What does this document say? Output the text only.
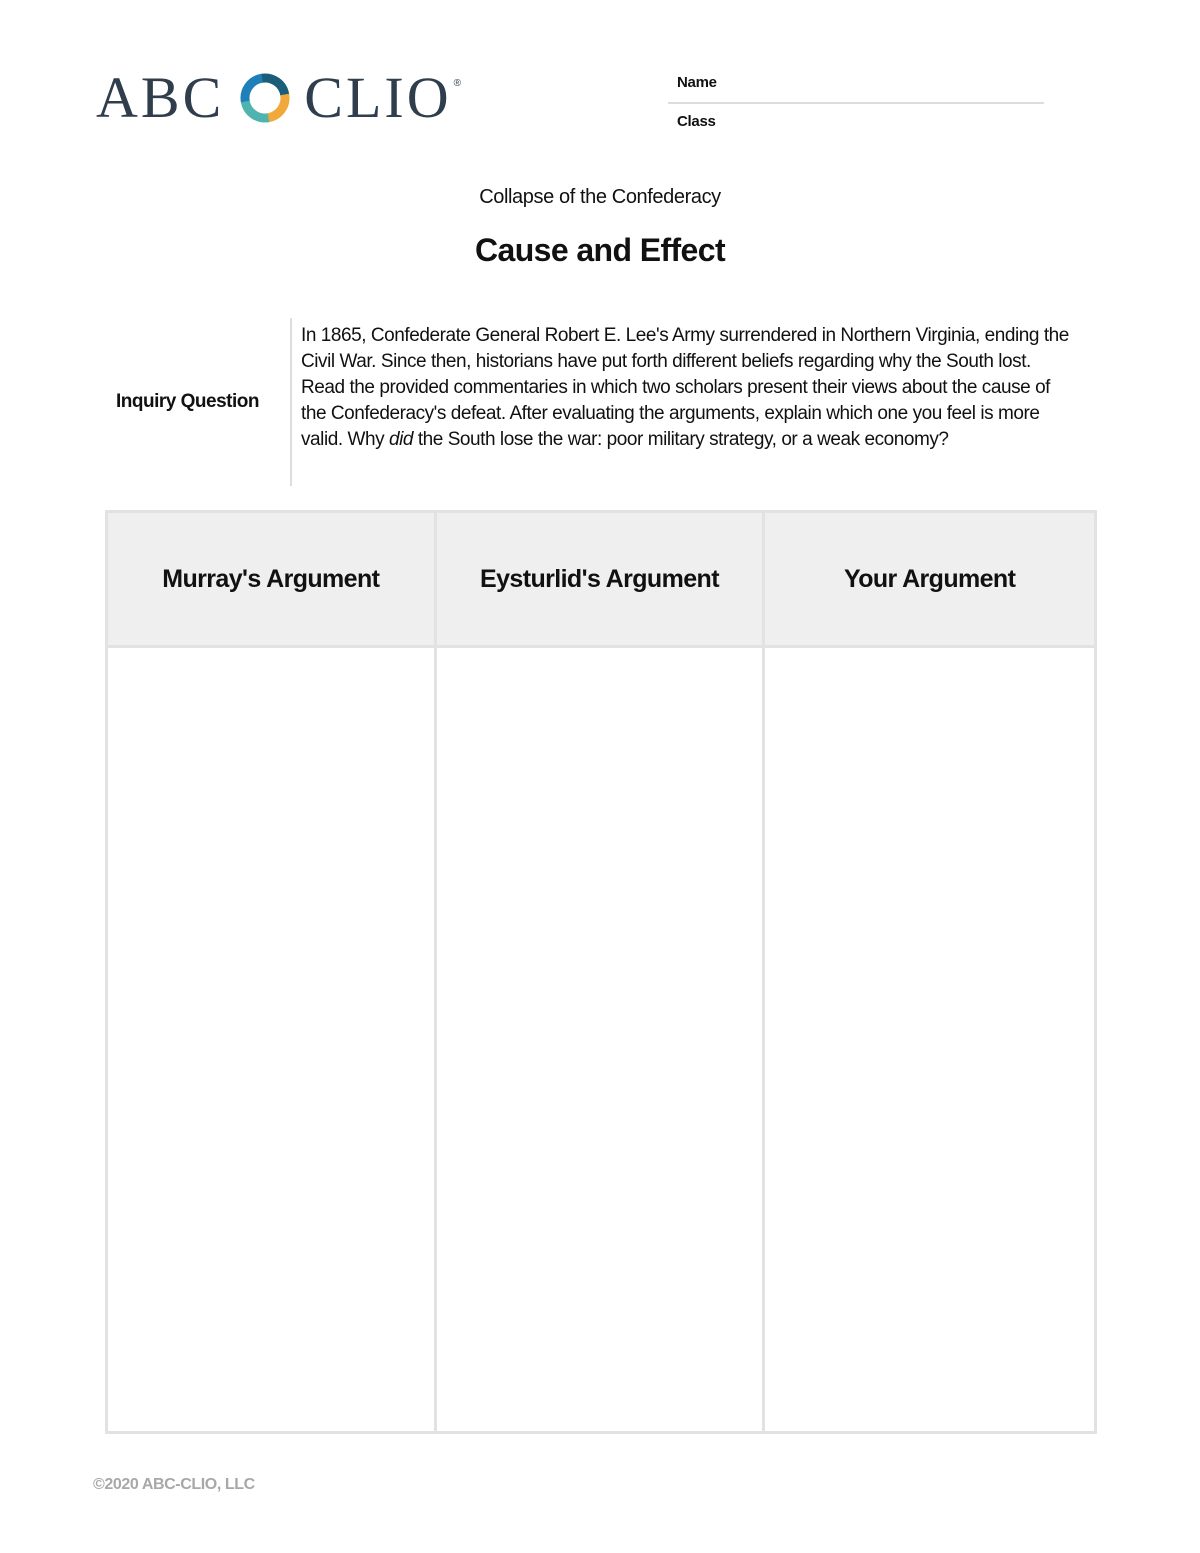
ABC CLIO ®	Name
Class
Collapse of the Confederacy
Cause and Effect
Inquiry Question
In 1865, Confederate General Robert E. Lee's Army surrendered in Northern Virginia, ending the Civil War. Since then, historians have put forth different beliefs regarding why the South lost. Read the provided commentaries in which two scholars present their views about the cause of the Confederacy's defeat. After evaluating the arguments, explain which one you feel is more valid. Why did the South lose the war: poor military strategy, or a weak economy?
Murray's Argument	Eysturlid's Argument	Your Argument
©2020 ABC-CLIO, LLC
